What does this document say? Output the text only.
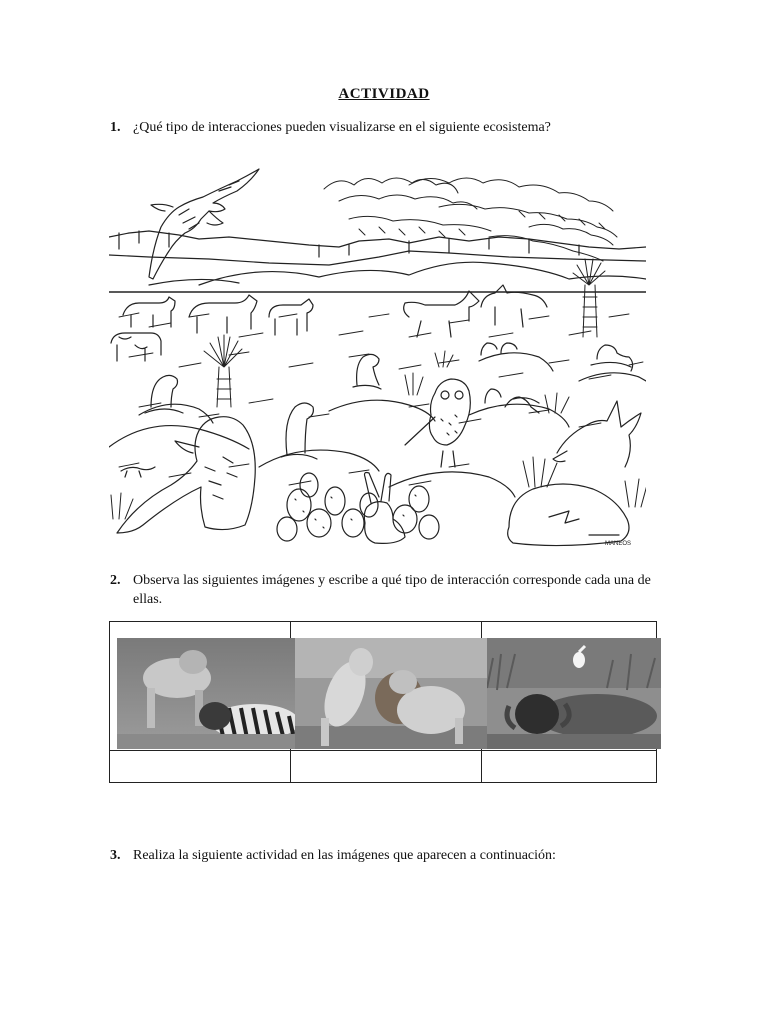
ACTIVIDAD
1. ¿Qué tipo de interacciones pueden visualizarse en el siguiente ecosistema?
MANEOS
2. Observa las siguientes imágenes y escribe a qué tipo de interacción corresponde cada una de ellas.
3. Realiza la siguiente actividad en las imágenes que aparecen a continuación:
